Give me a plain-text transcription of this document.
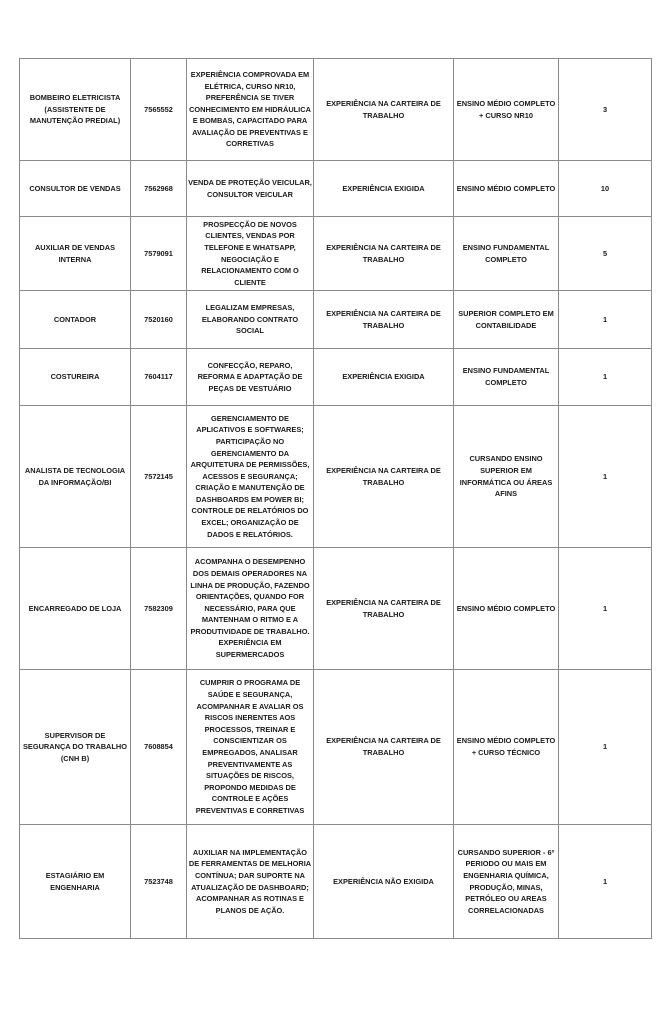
BOMBEIRO ELETRICISTA (ASSISTENTE DE MANUTENÇÃO PREDIAL)	7565552	EXPERIÊNCIA COMPROVADA EM ELÉTRICA, CURSO NR10, PREFERÊNCIA SE TIVER CONHECIMENTO EM HIDRÁULICA E BOMBAS, CAPACITADO PARA AVALIAÇÃO DE PREVENTIVAS E CORRETIVAS	EXPERIÊNCIA NA CARTEIRA DE TRABALHO	ENSINO MÉDIO COMPLETO + CURSO NR10	3
CONSULTOR DE VENDAS	7562968	VENDA DE PROTEÇÃO VEICULAR, CONSULTOR VEICULAR	EXPERIÊNCIA EXIGIDA	ENSINO MÉDIO COMPLETO	10
AUXILIAR DE VENDAS INTERNA	7579091	PROSPECÇÃO DE NOVOS CLIENTES, VENDAS POR TELEFONE E WHATSAPP, NEGOCIAÇÃO E RELACIONAMENTO COM O CLIENTE	EXPERIÊNCIA NA CARTEIRA DE TRABALHO	ENSINO FUNDAMENTAL COMPLETO	5
CONTADOR	7520160	LEGALIZAM EMPRESAS, ELABORANDO CONTRATO SOCIAL	EXPERIÊNCIA NA CARTEIRA DE TRABALHO	SUPERIOR COMPLETO EM CONTABILIDADE	1
COSTUREIRA	7604117	CONFECÇÃO, REPARO, REFORMA E ADAPTAÇÃO DE PEÇAS DE VESTUÁRIO	EXPERIÊNCIA EXIGIDA	ENSINO FUNDAMENTAL COMPLETO	1
ANALISTA DE TECNOLOGIA DA INFORMAÇÃO/BI	7572145	GERENCIAMENTO DE APLICATIVOS E SOFTWARES; PARTICIPAÇÃO NO GERENCIAMENTO DA ARQUITETURA DE PERMISSÕES, ACESSOS E SEGURANÇA; CRIAÇÃO E MANUTENÇÃO DE DASHBOARDS EM POWER BI; CONTROLE DE RELATÓRIOS DO EXCEL; ORGANIZAÇÃO DE DADOS E RELATÓRIOS.	EXPERIÊNCIA NA CARTEIRA DE TRABALHO	CURSANDO ENSINO SUPERIOR EM INFORMÁTICA OU ÁREAS AFINS	1
ENCARREGADO DE LOJA	7582309	ACOMPANHA O DESEMPENHO DOS DEMAIS OPERADORES NA LINHA DE PRODUÇÃO, FAZENDO ORIENTAÇÕES, QUANDO FOR NECESSÁRIO, PARA QUE MANTENHAM O RITMO E A PRODUTIVIDADE DE TRABALHO. EXPERIÊNCIA EM SUPERMERCADOS	EXPERIÊNCIA NA CARTEIRA DE TRABALHO	ENSINO MÉDIO COMPLETO	1
SUPERVISOR DE SEGURANÇA DO TRABALHO (CNH B)	7608854	CUMPRIR O PROGRAMA DE SAÚDE E SEGURANÇA, ACOMPANHAR E AVALIAR OS RISCOS INERENTES AOS PROCESSOS, TREINAR E CONSCIENTIZAR OS EMPREGADOS, ANALISAR PREVENTIVAMENTE AS SITUAÇÕES DE RISCOS, PROPONDO MEDIDAS DE CONTROLE E AÇÕES PREVENTIVAS E CORRETIVAS	EXPERIÊNCIA NA CARTEIRA DE TRABALHO	ENSINO MÉDIO COMPLETO + CURSO TÉCNICO	1
ESTAGIÁRIO EM ENGENHARIA	7523748	AUXILIAR NA IMPLEMENTAÇÃO DE FERRAMENTAS DE MELHORIA CONTÍNUA; DAR SUPORTE NA ATUALIZAÇÃO DE DASHBOARD; ACOMPANHAR AS ROTINAS E PLANOS DE AÇÃO.	EXPERIÊNCIA NÃO EXIGIDA	CURSANDO SUPERIOR - 6º PERIODO OU MAIS EM ENGENHARIA QUÍMICA, PRODUÇÃO, MINAS, PETRÓLEO OU AREAS CORRELACIONADAS	1
